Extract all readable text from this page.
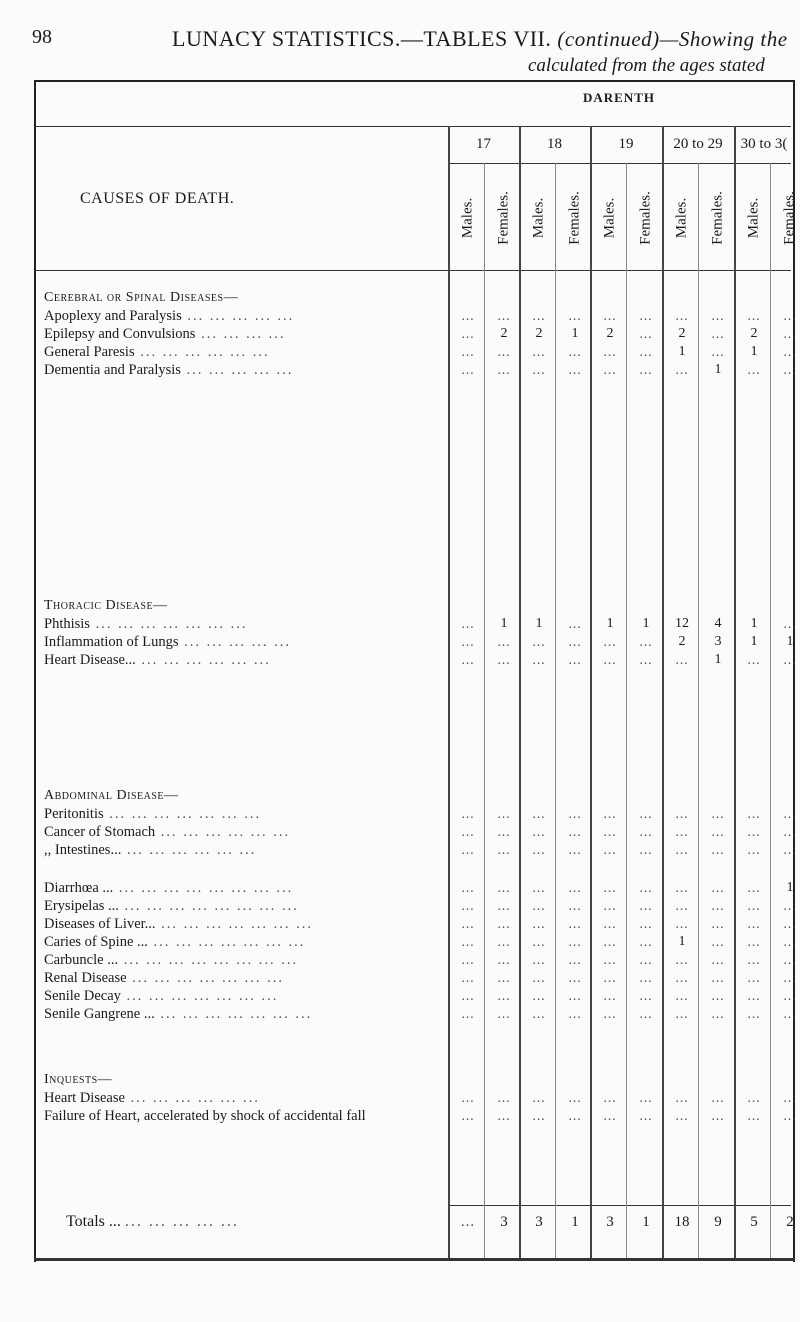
98	LUNACY STATISTICS.—TABLES VII. (continued)—Showing the
calculated from the ages stated
DARENTH
CAUSES OF DEATH.
17	18	19	20 to 29	30 to 3(
Males. Females. Males. Females. Males. Females. Males. Females. Males. Females.
Cerebral or Spinal Diseases—
Thoracic Disease—
Abdominal Disease—
Inquests—
Apoplexy and Paralysis ... ... ... ... ...	...	...	...	...	...	...	...	...	...	...
Epilepsy and Convulsions ... ... ... ...	...	2	2	1	2	...	2	...	2	...
General Paresis ... ... ... ... ... ...	...	...	...	...	...	...	1	...	1	...
Dementia and Paralysis ... ... ... ... ...	...	...	...	...	...	...	...	1	...	...
Phthisis ... ... ... ... ... ... ...	...	1	1	...	1	1	12	4	1	...
Inflammation of Lungs ... ... ... ... ...	...	...	...	...	...	...	2	3	1	1
Heart Disease... ... ... ... ... ... ...	...	...	...	...	...	...	...	1	...	...
Peritonitis ... ... ... ... ... ... ...	...	...	...	...	...	...	...	...	...	...
Cancer of Stomach ... ... ... ... ... ...	...	...	...	...	...	...	...	...	...	...
,, Intestines... ... ... ... ... ... ...	...	...	...	...	...	...	...	...	...	...
Diarrhœa ... ... ... ... ... ... ... ... ...	...	...	...	...	...	...	...	...	...	1
Erysipelas ... ... ... ... ... ... ... ... ...	...	...	...	...	...	...	...	...	...	...
Diseases of Liver... ... ... ... ... ... ... ...	...	...	...	...	...	...	...	...	...	...
Caries of Spine ... ... ... ... ... ... ... ...	...	...	...	...	...	...	1	...	...	...
Carbuncle ... ... ... ... ... ... ... ... ...	...	...	...	...	...	...	...	...	...	...
Renal Disease ... ... ... ... ... ... ...	...	...	...	...	...	...	...	...	...	...
Senile Decay ... ... ... ... ... ... ...	...	...	...	...	...	...	...	...	...	...
Senile Gangrene ... ... ... ... ... ... ... ...	...	...	...	...	...	...	...	...	...	...
Heart Disease ... ... ... ... ... ...	...	...	...	...	...	...	...	...	...	...
Failure of Heart, accelerated by shock of accidental fall	...	...	...	...	...	...	...	...	...	...
Totals ... ... ... ... ... ...	...	3	3	1	3	1	18	9	5	2
